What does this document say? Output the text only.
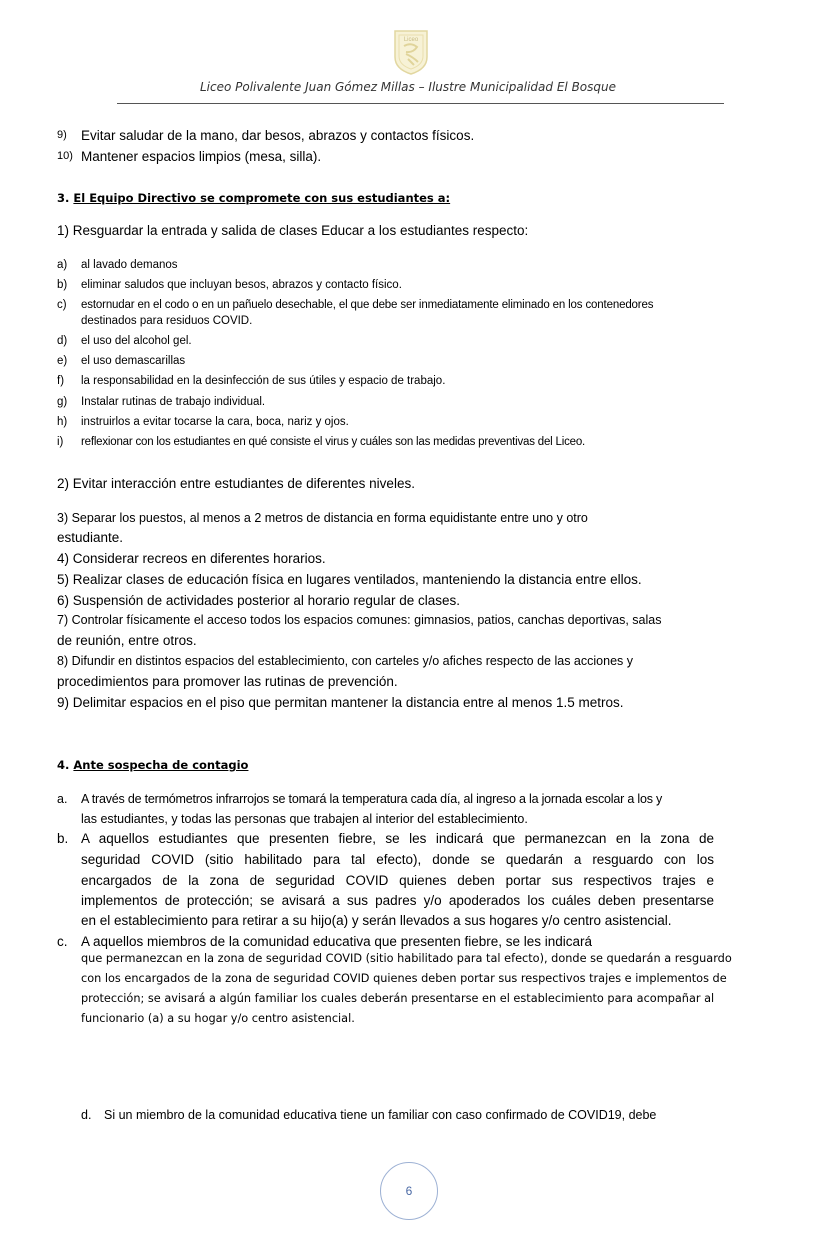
Liceo
Liceo Polivalente Juan Gómez Millas – Ilustre Municipalidad El Bosque
9) Evitar saludar de la mano, dar besos, abrazos y contactos físicos.
10) Mantener espacios limpios (mesa, silla).
3. El Equipo Directivo se compromete con sus estudiantes a:
1) Resguardar la entrada y salida de clases Educar a los estudiantes respecto:
a) al lavado demanos
b) eliminar saludos que incluyan besos, abrazos y contacto físico.
c) estornudar en el codo o en un pañuelo desechable, el que debe ser inmediatamente eliminado en los contenedores
destinados para residuos COVID.
d) el uso del alcohol gel.
e) el uso demascarillas
f) la responsabilidad en la desinfección de sus útiles y espacio de trabajo.
g) Instalar rutinas de trabajo individual.
h) instruirlos a evitar tocarse la cara, boca, nariz y ojos.
i) reflexionar con los estudiantes en qué consiste el virus y cuáles son las medidas preventivas del Liceo.
2) Evitar interacción entre estudiantes de diferentes niveles.
3) Separar los puestos, al menos a 2 metros de distancia en forma equidistante entre uno y otro
estudiante.
4) Considerar recreos en diferentes horarios.
5) Realizar clases de educación física en lugares ventilados, manteniendo la distancia entre ellos.
6) Suspensión de actividades posterior al horario regular de clases.
7) Controlar físicamente el acceso todos los espacios comunes: gimnasios, patios, canchas deportivas, salas
de reunión, entre otros.
8) Difundir en distintos espacios del establecimiento, con carteles y/o afiches respecto de las acciones y
procedimientos para promover las rutinas de prevención.
9) Delimitar espacios en el piso que permitan mantener la distancia entre al menos 1.5 metros.
4. Ante sospecha de contagio
a. A través de termómetros infrarrojos se tomará la temperatura cada día, al ingreso a la jornada escolar a los y
las estudiantes, y todas las personas que trabajen al interior del establecimiento.
b. A aquellos estudiantes que presenten fiebre, se les indicará que permanezcan en la zona de
seguridad COVID (sitio habilitado para tal efecto), donde se quedarán a resguardo con los
encargados de la zona de seguridad COVID quienes deben portar sus respectivos trajes e
implementos de protección; se avisará a sus padres y/o apoderados los cuáles deben presentarse
en el establecimiento para retirar a su hijo(a) y serán llevados a sus hogares y/o centro asistencial.
c. A aquellos miembros de la comunidad educativa que presenten fiebre, se les indicará
que permanezcan en la zona de seguridad COVID (sitio habilitado para tal efecto), donde se quedarán a resguardo
con los encargados de la zona de seguridad COVID quienes deben portar sus respectivos trajes e implementos de
protección; se avisará a algún familiar los cuales deberán presentarse en el establecimiento para acompañar al
funcionario (a) a su hogar y/o centro asistencial.
d. Si un miembro de la comunidad educativa tiene un familiar con caso confirmado de COVID19, debe
6
